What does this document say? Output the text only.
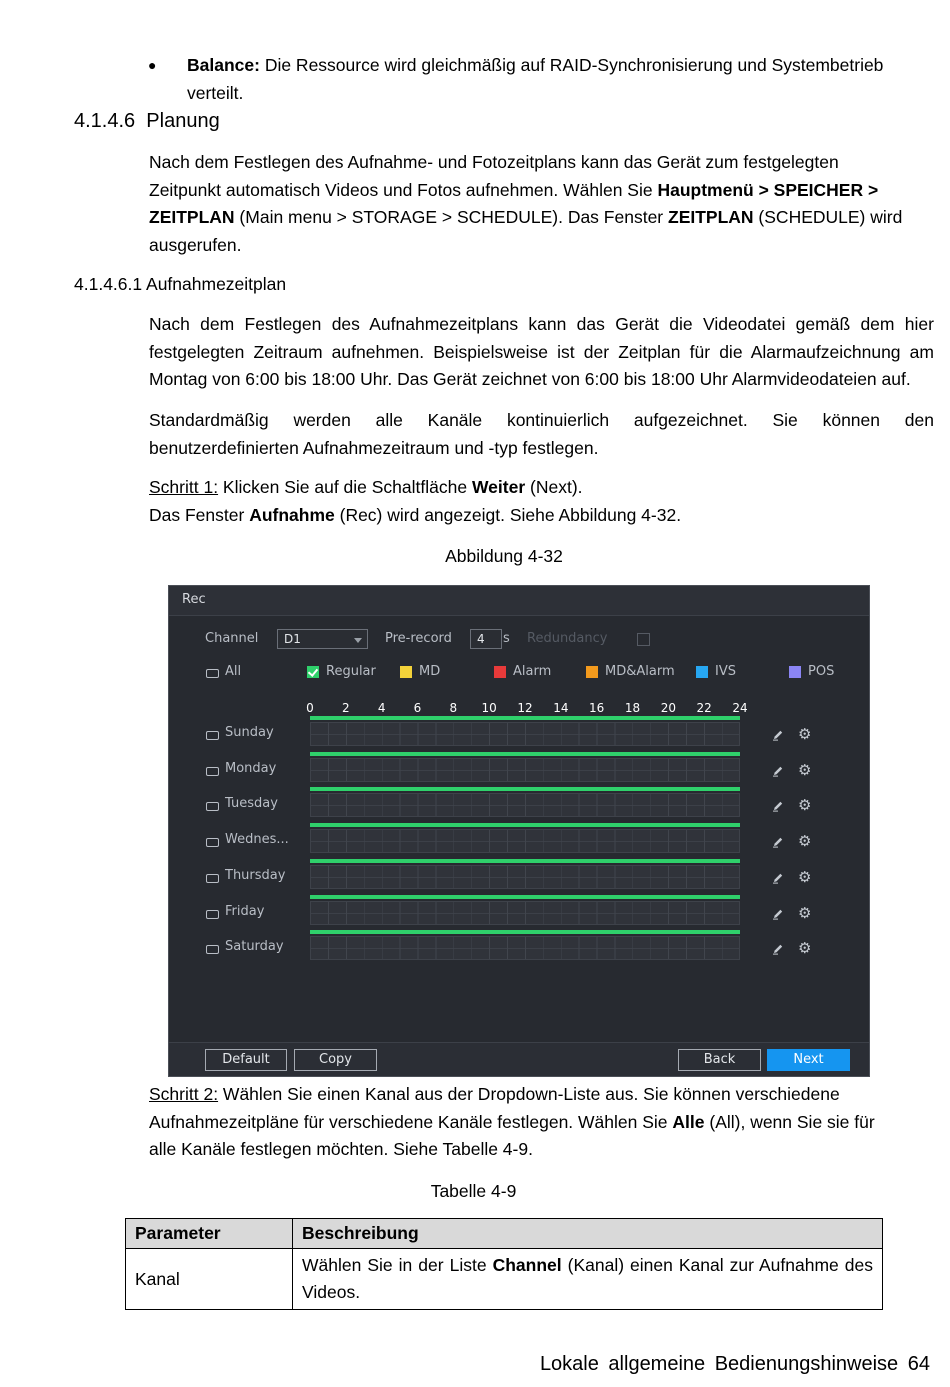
● Balance: Die Ressource wird gleichmäßig auf RAID-Synchronisierung und Systembetrieb verteilt.
4.1.4.6 Planung
Nach dem Festlegen des Aufnahme- und Fotozeitplans kann das Gerät zum festgelegten
Zeitpunkt automatisch Videos und Fotos aufnehmen. Wählen Sie Hauptmenü > SPEICHER >
ZEITPLAN (Main menu > STORAGE > SCHEDULE). Das Fenster ZEITPLAN (SCHEDULE) wird
ausgerufen.
4.1.4.6.1 Aufnahmezeitplan
Nach dem Festlegen des Aufnahmezeitplans kann das Gerät die Videodatei gemäß dem hier festgelegten Zeitraum aufnehmen. Beispielsweise ist der Zeitplan für die Alarmaufzeichnung am Montag von 6:00 bis 18:00 Uhr. Das Gerät zeichnet von 6:00 bis 18:00 Uhr Alarmvideodateien auf.
Standardmäßig werden alle Kanäle kontinuierlich aufgezeichnet. Sie können den
benutzerdefinierten Aufnahmezeitraum und -typ festlegen.
Schritt 1: Klicken Sie auf die Schaltfläche Weiter (Next).
Das Fenster Aufnahme (Rec) wird angezeigt. Siehe Abbildung 4-32.
Abbildung 4-32
Rec
Channel D1	Pre-record 4 s Redundancy
All	Regular	MD	Alarm	MD&Alarm	IVS	POS
0 2 4 6 8 10 12 14 16 18 20 22 24
Sunday	⚙
Monday	⚙
Tuesday	⚙
Wednes...	⚙
Thursday	⚙
Friday	⚙
Saturday	⚙
Default	Copy	Back	Next
Schritt 2: Wählen Sie einen Kanal aus der Dropdown-Liste aus. Sie können verschiedene
Aufnahmezeitpläne für verschiedene Kanäle festlegen. Wählen Sie Alle (All), wenn Sie sie für
alle Kanäle festlegen möchten. Siehe Tabelle 4-9.
Tabelle 4-9
Parameter	Beschreibung
Kanal	Wählen Sie in der Liste Channel (Kanal) einen Kanal zur Aufnahme des Videos.
Lokale allgemeine Bedienungshinweise 64
